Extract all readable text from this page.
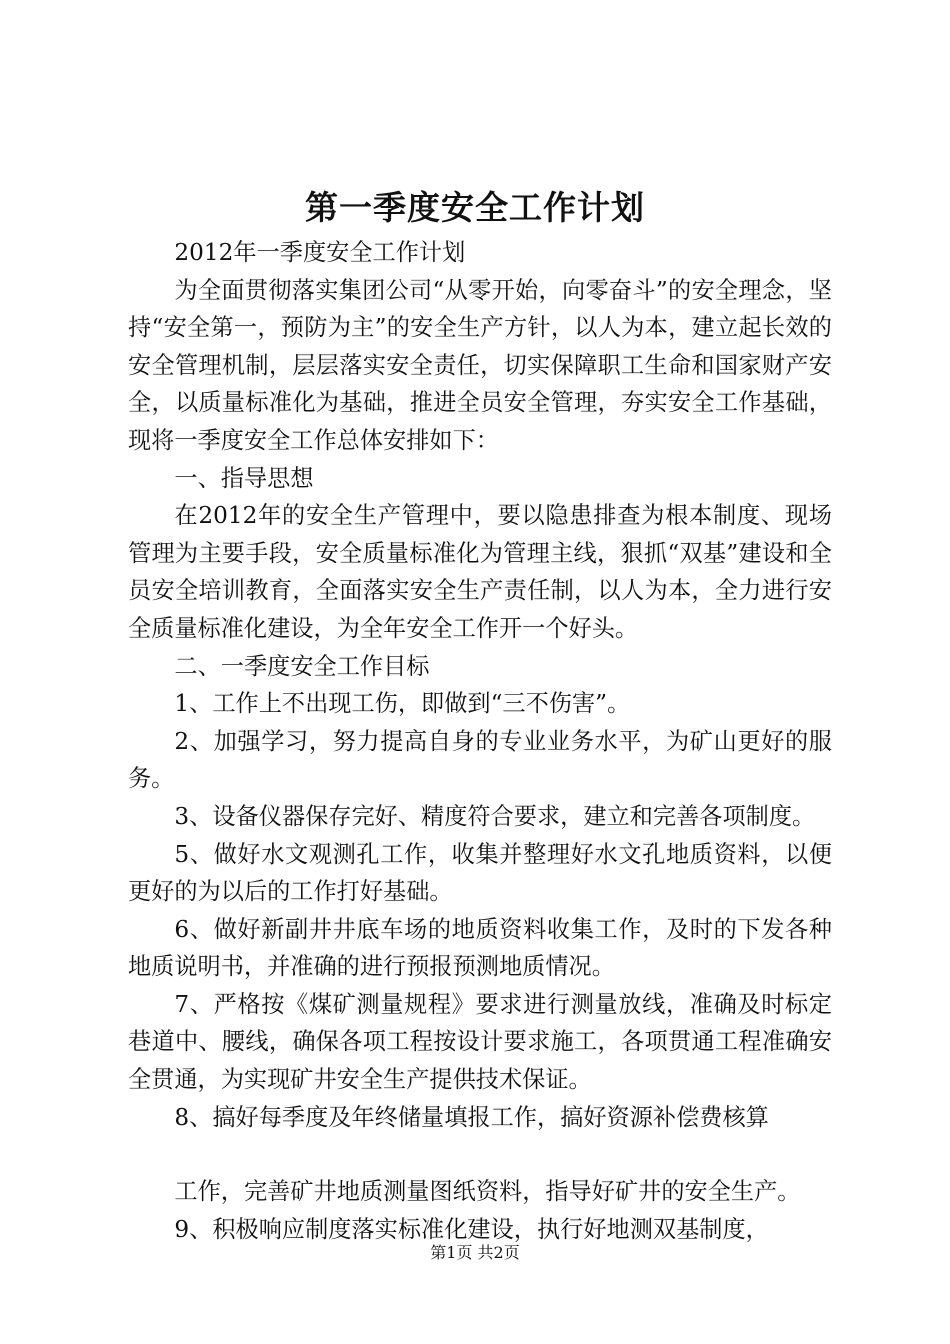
第一季度安全工作计划

2012年一季度安全工作计划

为全面贯彻落实集团公司“从零开始，向零奋斗”的安全理念，坚持“安全第一，预防为主”的安全生产方针，以人为本，建立起长效的安全管理机制，层层落实安全责任，切实保障职工生命和国家财产安全，以质量标准化为基础，推进全员安全管理，夯实安全工作基础，现将一季度安全工作总体安排如下：

一、指导思想

在2012年的安全生产管理中，要以隐患排查为根本制度、现场管理为主要手段，安全质量标准化为管理主线，狠抓“双基”建设和全员安全培训教育，全面落实安全生产责任制，以人为本，全力进行安全质量标准化建设，为全年安全工作开一个好头。

二、一季度安全工作目标

1、工作上不出现工伤，即做到“三不伤害”。

2、加强学习，努力提高自身的专业业务水平，为矿山更好的服务。

3、设备仪器保存完好、精度符合要求，建立和完善各项制度。

5、做好水文观测孔工作，收集并整理好水文孔地质资料，以便更好的为以后的工作打好基础。

6、做好新副井井底车场的地质资料收集工作，及时的下发各种地质说明书，并准确的进行预报预测地质情况。

7、严格按《煤矿测量规程》要求进行测量放线，准确及时标定巷道中、腰线，确保各项工程按设计要求施工，各项贯通工程准确安全贯通，为实现矿井安全生产提供技术保证。

8、搞好每季度及年终储量填报工作，搞好资源补偿费核算

工作，完善矿井地质测量图纸资料，指导好矿井的安全生产。

9、积极响应制度落实标准化建设，执行好地测双基制度，

第1页 共2页
